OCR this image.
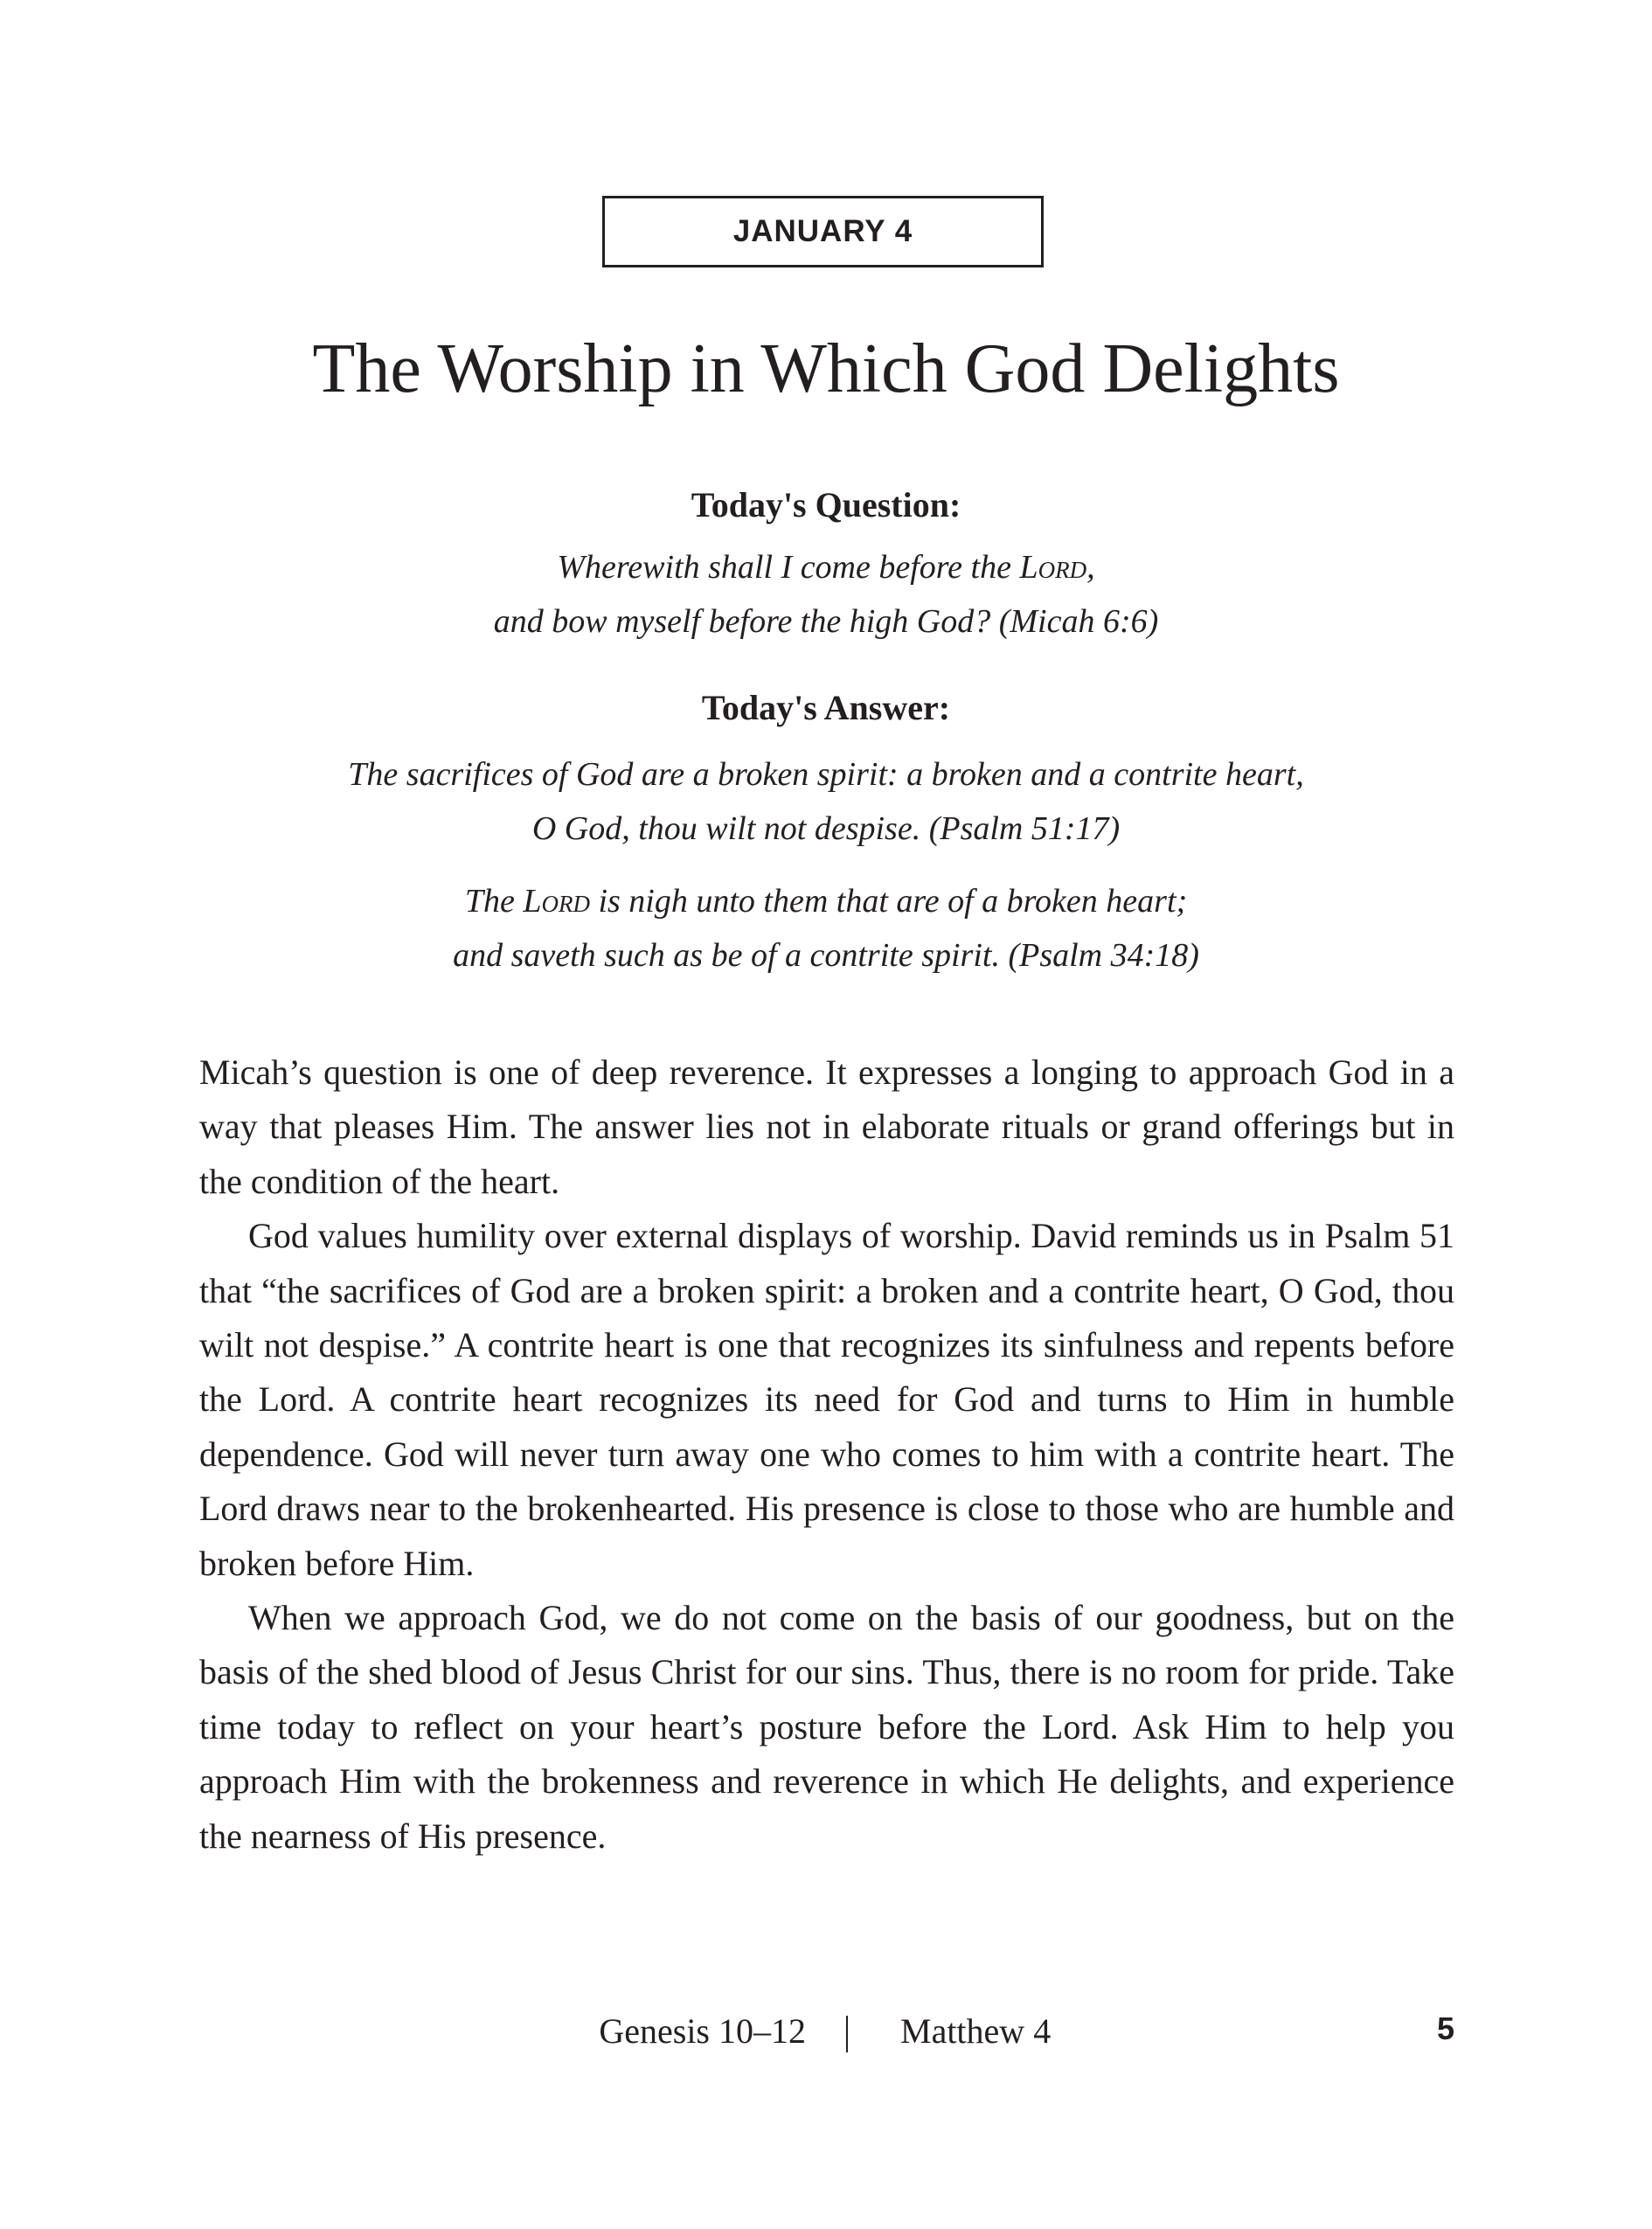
JANUARY 4
The Worship in Which God Delights
Today's Question:

Wherewith shall I come before the Lord,

and bow myself before the high God? (Micah 6:6)

Today's Answer:

The sacrifices of God are a broken spirit: a broken and a contrite heart,

O God, thou wilt not despise. (Psalm 51:17)

The Lord is nigh unto them that are of a broken heart;

and saveth such as be of a contrite spirit. (Psalm 34:18)

Micah’s question is one of deep reverence. It expresses a longing to approach God in a way that pleases Him. The answer lies not in elaborate rituals or grand offerings but in the condition of the heart.

God values humility over external displays of worship. David reminds us in Psalm 51 that “the sacrifices of God are a broken spirit: a broken and a contrite heart, O God, thou wilt not despise.” A contrite heart is one that recognizes its sinfulness and repents before the Lord. A contrite heart recognizes its need for God and turns to Him in humble dependence. God will never turn away one who comes to him with a contrite heart. The Lord draws near to the brokenhearted. His presence is close to those who are humble and broken before Him.

When we approach God, we do not come on the basis of our goodness, but on the basis of the shed blood of Jesus Christ for our sins. Thus, there is no room for pride. Take time today to reflect on your heart’s posture before the Lord. Ask Him to help you approach Him with the brokenness and reverence in which He delights, and experience the nearness of His presence.

Genesis 10–12	Matthew 4	5
